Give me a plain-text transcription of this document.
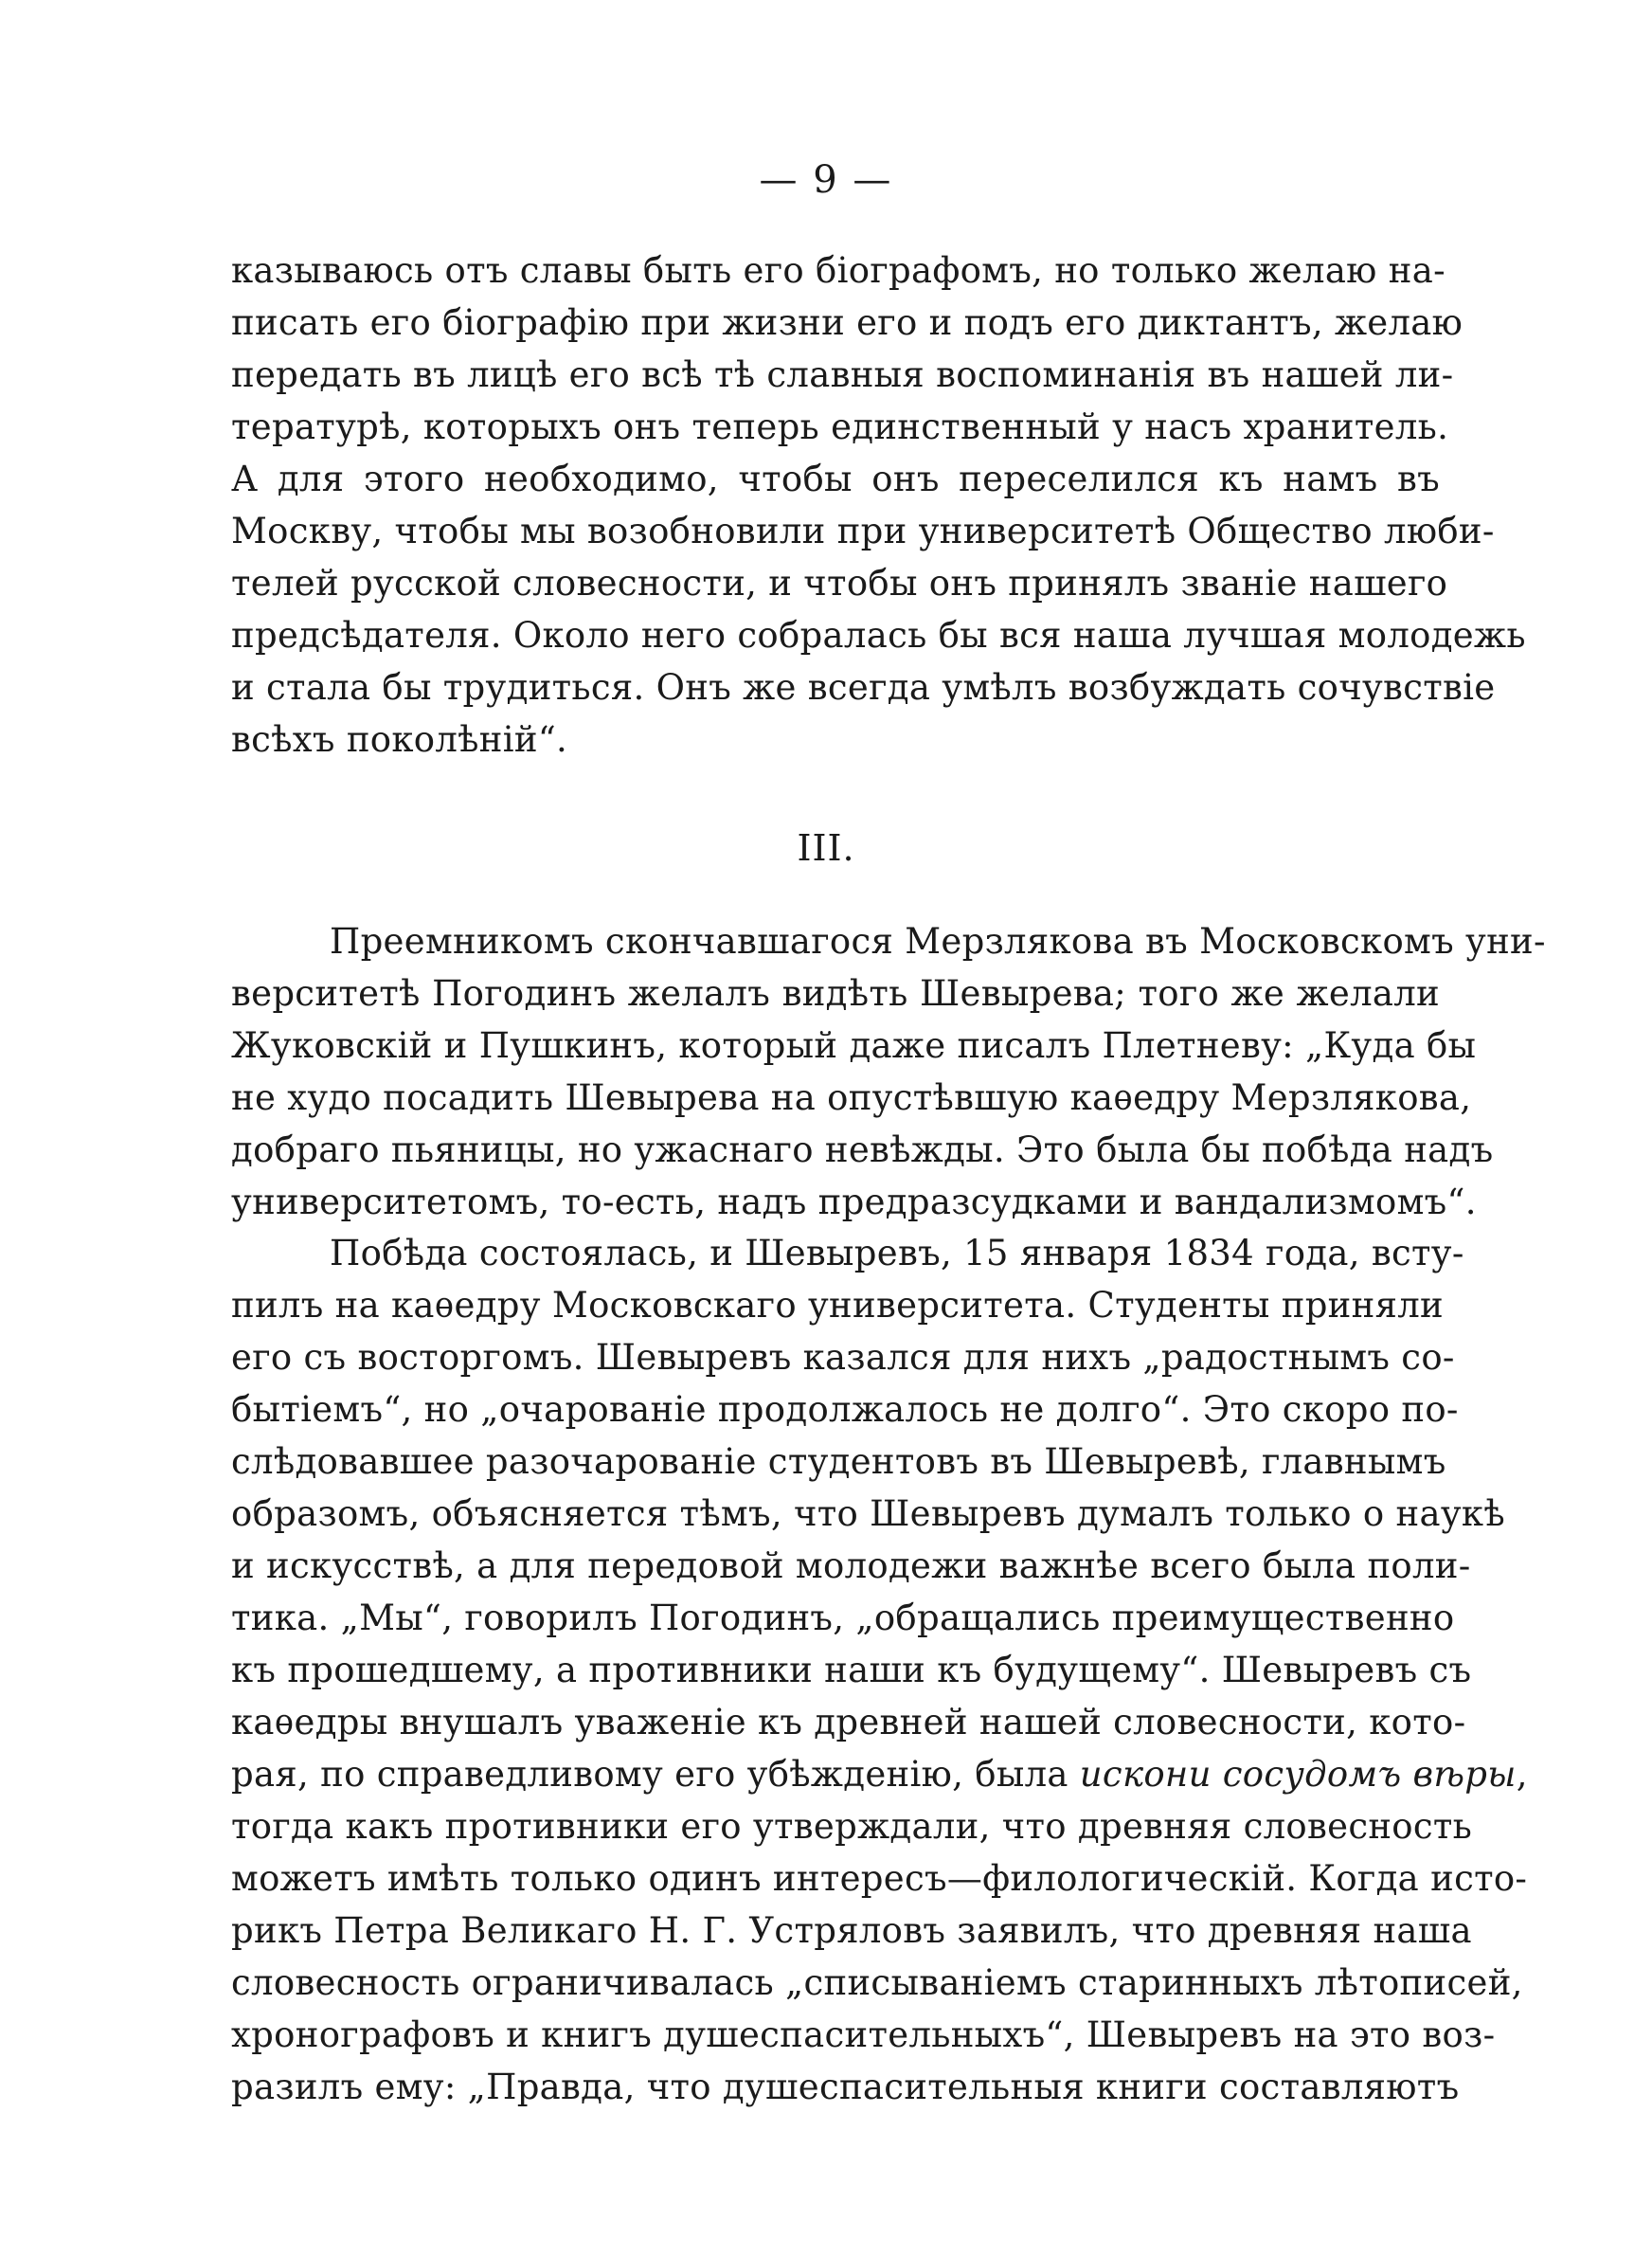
— 9 —
казываюсь отъ славы быть его біографомъ, но только желаю на-
писать его біографію при жизни его и подъ его диктантъ, желаю
передать въ лицѣ его всѣ тѣ славныя воспоминанія въ нашей ли-
тературѣ, которыхъ онъ теперь единственный у насъ хранитель.
А для этого необходимо, чтобы онъ переселился къ намъ въ
Москву, чтобы мы возобновили при университетѣ Общество люби-
телей русской словесности, и чтобы онъ принялъ званіе нашего
предсѣдателя. Около него собралась бы вся наша лучшая молодежь
и стала бы трудиться. Онъ же всегда умѣлъ возбуждать сочувствіе
всѣхъ поколѣній“.
III.
Преемникомъ скончавшагося Мерзлякова въ Московскомъ уни-
верситетѣ Погодинъ желалъ видѣть Шевырева; того же желали
Жуковскій и Пушкинъ, который даже писалъ Плетневу: „Куда бы
не худо посадить Шевырева на опустѣвшую каѳедру Мерзлякова,
добраго пьяницы, но ужаснаго невѣжды. Это была бы побѣда надъ
университетомъ, то-есть, надъ предразсудками и вандализмомъ“.
Побѣда состоялась, и Шевыревъ, 15 января 1834 года, всту-
пилъ на каѳедру Московскаго университета. Студенты приняли
его съ восторгомъ. Шевыревъ казался для нихъ „радостнымъ со-
бытіемъ“, но „очарованіе продолжалось не долго“. Это скоро по-
слѣдовавшее разочарованіе студентовъ въ Шевыревѣ, главнымъ
образомъ, объясняется тѣмъ, что Шевыревъ думалъ только о наукѣ
и искусствѣ, а для передовой молодежи важнѣе всего была поли-
тика. „Мы“, говорилъ Погодинъ, „обращались преимущественно
къ прошедшему, а противники наши къ будущему“. Шевыревъ съ
каѳедры внушалъ уваженіе къ древней нашей словесности, кото-
рая, по справедливому его убѣжденію, была искони сосудомъ вѣры,
тогда какъ противники его утверждали, что древняя словесность
можетъ имѣть только одинъ интересъ—филологическій. Когда исто-
рикъ Петра Великаго Н. Г. Устряловъ заявилъ, что древняя наша
словесность ограничивалась „списываніемъ старинныхъ лѣтописей,
хронографовъ и книгъ душеспасительныхъ“, Шевыревъ на это воз-
разилъ ему: „Правда, что душеспасительныя книги составляютъ
